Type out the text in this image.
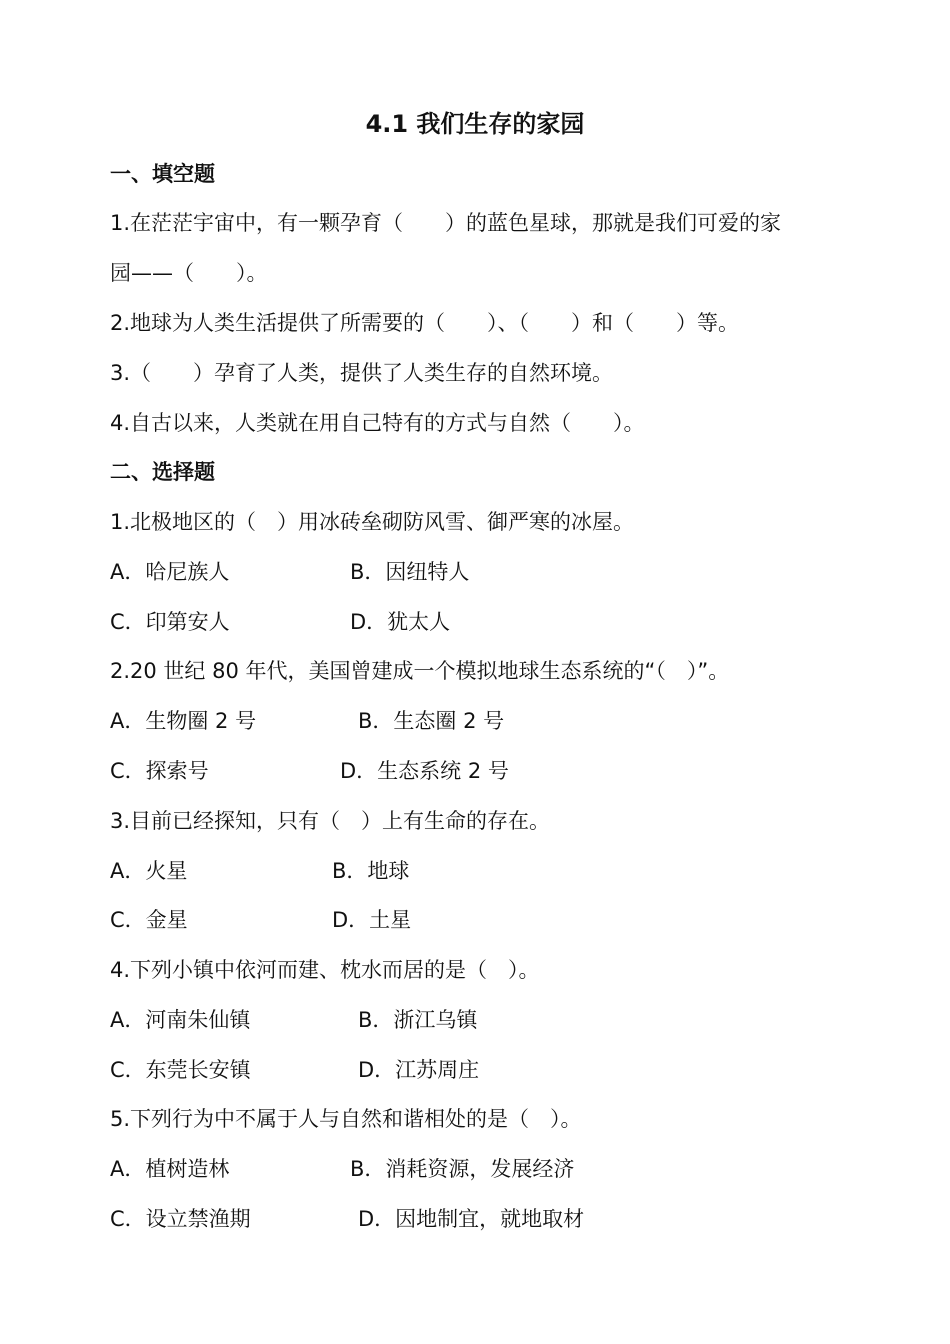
4.1 我们生存的家园
一、填空题
1.在茫茫宇宙中，有一颗孕育（　　）的蓝色星球，那就是我们可爱的家
园——（　　）。
2.地球为人类生活提供了所需要的（　　）、（　　）和（　　）等。
3.（　　）孕育了人类，提供了人类生存的自然环境。
4.自古以来，人类就在用自己特有的方式与自然（　　）。
二、选择题
1.北极地区的（　）用冰砖垒砌防风雪、御严寒的冰屋。
A．哈尼族人	B．因纽特人
C．印第安人	D．犹太人
2.20 世纪 80 年代，美国曾建成一个模拟地球生态系统的“（　）”。
A．生物圈 2 号	B．生态圈 2 号
C．探索号	D．生态系统 2 号
3.目前已经探知，只有（　）上有生命的存在。
A．火星	B．地球
C．金星	D．土星
4.下列小镇中依河而建、枕水而居的是（　）。
A．河南朱仙镇	B．浙江乌镇
C．东莞长安镇	D．江苏周庄
5.下列行为中不属于人与自然和谐相处的是（　）。
A．植树造林	B．消耗资源，发展经济
C．设立禁渔期	D．因地制宜，就地取材
